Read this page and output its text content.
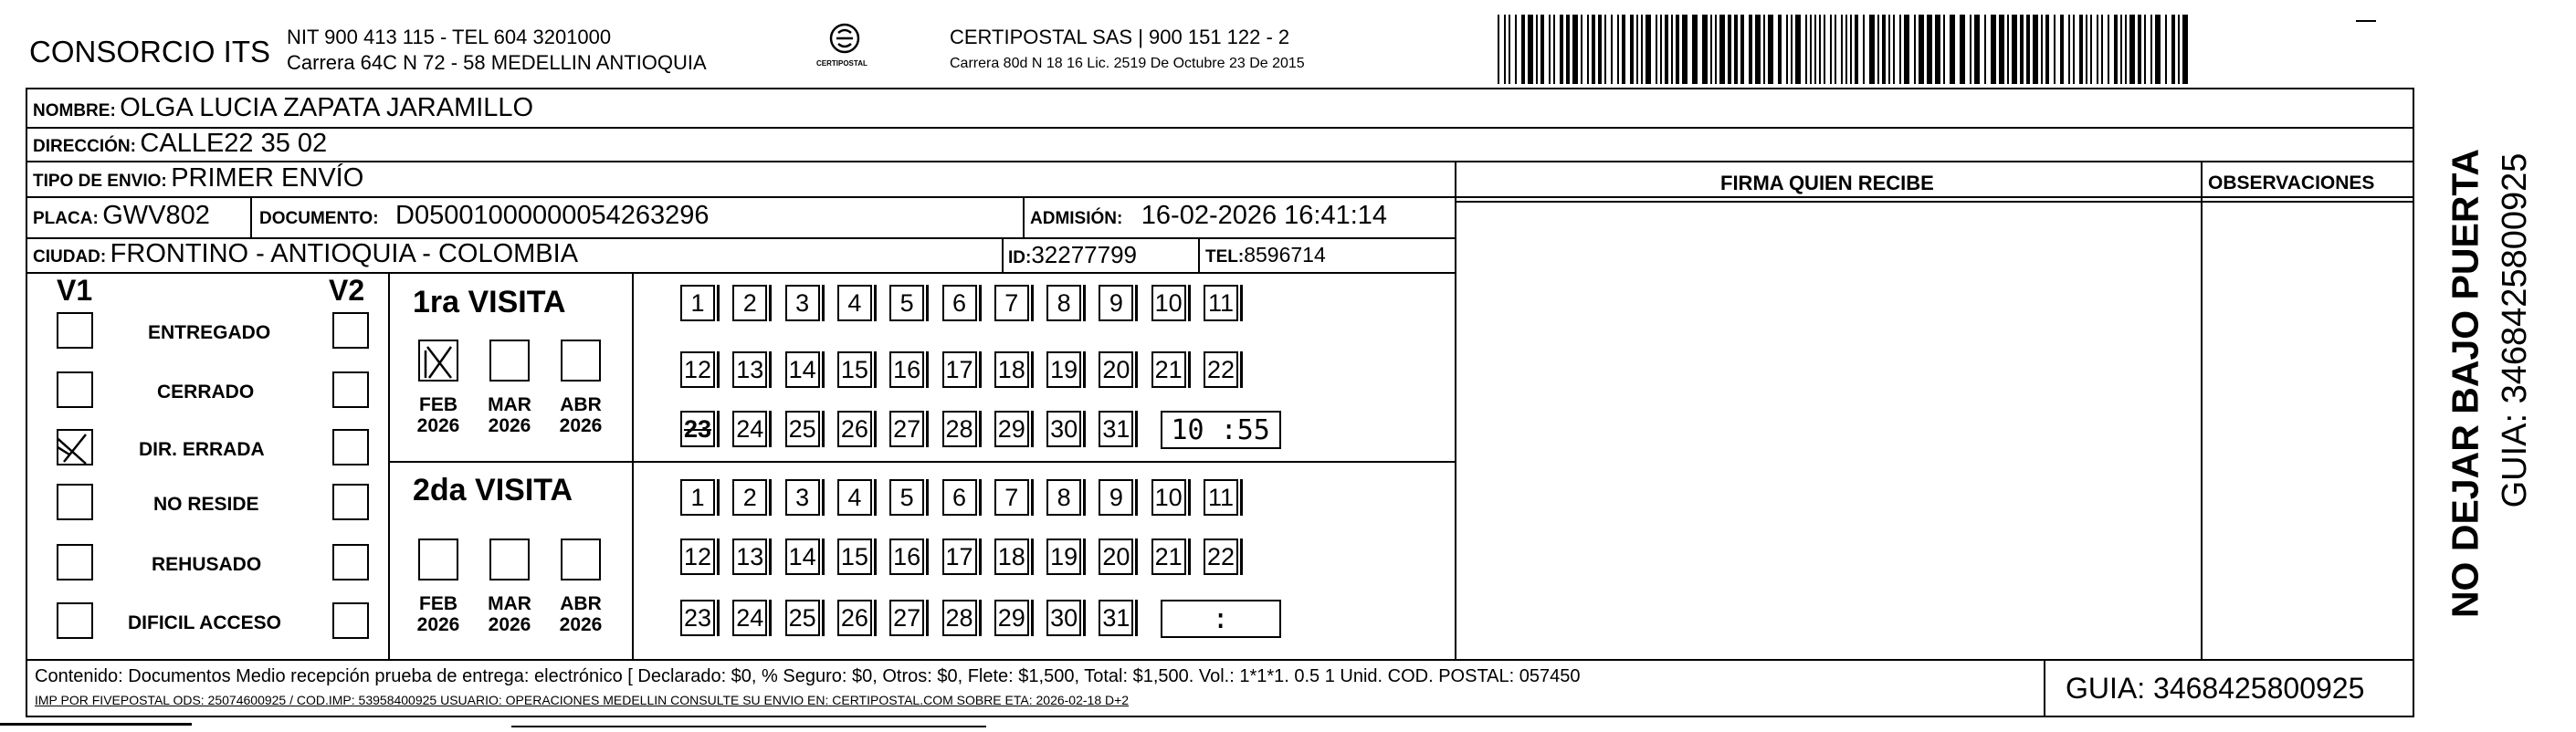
CONSORCIO ITS NIT 900 413 115 - TEL 604 3201000
Carrera 64C N 72 - 58 MEDELLIN ANTIOQUIA	CERTIPOSTAL
CERTIPOSTAL SAS | 900 151 122 - 2
Carrera 80d N 18 16 Lic. 2519 De Octubre 23 De 2015
NOMBRE: OLGA LUCIA ZAPATA JARAMILLO
DIRECCIÓN: CALLE22 35 02
TIPO DE ENVIO: PRIMER ENVÍO	FIRMA QUIEN RECIBE	OBSERVACIONES
PLACA: GWV802	DOCUMENTO: D05001000000054263296	ADMISIÓN: 16-02-2026 16:41:14
CIUDAD: FRONTINO - ANTIOQUIA - COLOMBIA	ID:32277799	TEL:8596714
V1	V2
ENTREGADO
CERRADO
DIR. ERRADA
NO RESIDE
REHUSADO
DIFICIL ACCESO
1ra VISITA
2da VISITA
FEB
2026
MAR
2026
ABR
2026
FEB
2026
MAR
2026
ABR
2026
1 2 3 4 5 6 7 8 9 10 11
12 13 14 15 16 17 18 19 20 21 22
23 24 25 26 27 28 29 30 31 10 :55
1 2 3 4 5 6 7 8 9 10 11
12 13 14 15 16 17 18 19 20 21 22
23 24 25 26 27 28 29 30 31	:
Contenido: Documentos Medio recepción prueba de entrega: electrónico [ Declarado: $0, % Seguro: $0, Otros: $0, Flete: $1,500, Total: $1,500. Vol.: 1*1*1. 0.5 1 Unid. COD. POSTAL: 057450
IMP POR FIVEPOSTAL ODS: 25074600925 / COD.IMP: 53958400925 USUARIO: OPERACIONES MEDELLIN CONSULTE SU ENVIO EN: CERTIPOSTAL.COM SOBRE ETA: 2026-02-18 D+2	GUIA: 3468425800925
NO DEJAR BAJO PUERTA GUIA: 3468425800925
